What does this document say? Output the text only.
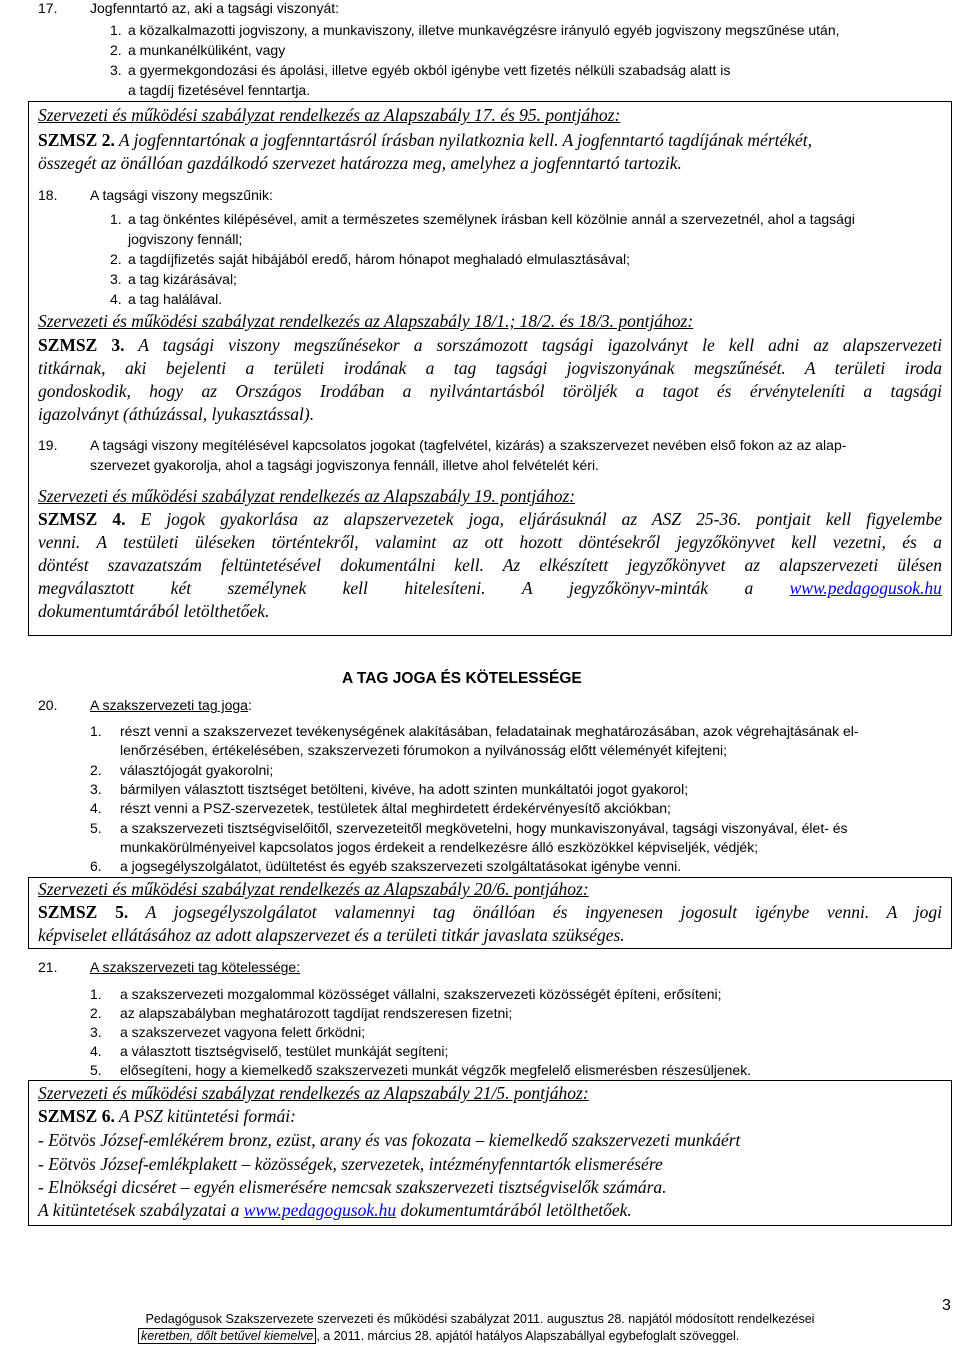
17. Jogfenntartó az, aki a tagsági viszonyát:
1. a közalkalmazotti jogviszony, a munkaviszony, illetve munkavégzésre irányuló egyéb jogviszony megszűnése után,
2. a munkanélküliként, vagy
3. a gyermekgondozási és ápolási, illetve egyéb okból igénybe vett fizetés nélküli szabadság alatt is
a tagdíj fizetésével fenntartja.
Szervezeti és működési szabályzat rendelkezés az Alapszabály 17. és 95. pontjához:
SZMSZ 2. A jogfenntartónak a jogfenntartásról írásban nyilatkoznia kell. A jogfenntartó tagdíjának mértékét,
összegét az önállóan gazdálkodó szervezet határozza meg, amelyhez a jogfenntartó tartozik.
18. A tagsági viszony megszűnik:
1. a tag önkéntes kilépésével, amit a természetes személynek írásban kell közölnie annál a szervezetnél, ahol a tagsági
jogviszony fennáll;
2. a tagdíjfizetés saját hibájából eredő, három hónapot meghaladó elmulasztásával;
3. a tag kizárásával;
4. a tag halálával.
Szervezeti és működési szabályzat rendelkezés az Alapszabály 18/1.; 18/2. és 18/3. pontjához:
SZMSZ 3. A tagsági viszony megszűnésekor a sorszámozott tagsági igazolványt le kell adni az alapszervezeti
titkárnak, aki bejelenti a területi irodának a tag tagsági jogviszonyának megszűnését. A területi iroda
gondoskodik, hogy az Országos Irodában a nyilvántartásból töröljék a tagot és érvényteleníti a tagsági
igazolványt (áthúzással, lyukasztással).
19. A tagsági viszony megítélésével kapcsolatos jogokat (tagfelvétel, kizárás) a szakszervezet nevében első fokon az az alap-
szervezet gyakorolja, ahol a tagsági jogviszonya fennáll, illetve ahol felvételét kéri.
Szervezeti és működési szabályzat rendelkezés az Alapszabály 19. pontjához:
SZMSZ 4. E jogok gyakorlása az alapszervezetek joga, eljárásuknál az ASZ 25-36. pontjait kell figyelembe
venni. A testületi üléseken történtekről, valamint az ott hozott döntésekről jegyzőkönyvet kell vezetni, és a
döntést szavazatszám feltüntetésével dokumentálni kell. Az elkészített jegyzőkönyvet az alapszervezeti ülésen
megválasztott két személynek kell hitelesíteni. A jegyzőkönyv-minták a www.pedagogusok.hu
dokumentumtárából letölthetőek.
A TAG JOGA ÉS KÖTELESSÉGE
20. A szakszervezeti tag joga:
1. részt venni a szakszervezet tevékenységének alakításában, feladatainak meghatározásában, azok végrehajtásának el-
lenőrzésében, értékelésében, szakszervezeti fórumokon a nyilvánosság előtt véleményét kifejteni;
2. választójogát gyakorolni;
3. bármilyen választott tisztséget betölteni, kivéve, ha adott szinten munkáltatói jogot gyakorol;
4. részt venni a PSZ-szervezetek, testületek által meghirdetett érdekérvényesítő akciókban;
5. a szakszervezeti tisztségviselőitől, szervezeteitől megkövetelni, hogy munkaviszonyával, tagsági viszonyával, élet- és
munkakörülményeivel kapcsolatos jogos érdekeit a rendelkezésre álló eszközökkel képviseljék, védjék;
6. a jogsegélyszolgálatot, üdültetést és egyéb szakszervezeti szolgáltatásokat igénybe venni.
Szervezeti és működési szabályzat rendelkezés az Alapszabály 20/6. pontjához:
SZMSZ 5. A jogsegélyszolgálatot valamennyi tag önállóan és ingyenesen jogosult igénybe venni. A jogi
képviselet ellátásához az adott alapszervezet és a területi titkár javaslata szükséges.
21. A szakszervezeti tag kötelessége:
1. a szakszervezeti mozgalommal közösséget vállalni, szakszervezeti közösségét építeni, erősíteni;
2. az alapszabályban meghatározott tagdíjat rendszeresen fizetni;
3. a szakszervezet vagyona felett őrködni;
4. a választott tisztségviselő, testület munkáját segíteni;
5. elősegíteni, hogy a kiemelkedő szakszervezeti munkát végzők megfelelő elismerésben részesüljenek.
Szervezeti és működési szabályzat rendelkezés az Alapszabály 21/5. pontjához:
SZMSZ 6. A PSZ kitüntetési formái:
- Eötvös József-emlékérem bronz, ezüst, arany és vas fokozata – kiemelkedő szakszervezeti munkáért
- Eötvös József-emlékplakett – közösségek, szervezetek, intézményfenntartók elismerésére
- Elnökségi dicséret – egyén elismerésére nemcsak szakszervezeti tisztségviselők számára.
A kitüntetések szabályzatai a www.pedagogusok.hu dokumentumtárából letölthetőek.
Pedagógusok Szakszervezete szervezeti és működési szabályzat 2011. augusztus 28. napjától módosított rendelkezései
keretben, dőlt betűvel kiemelve , a 2011. március 28. apjától hatályos Alapszabállyal egybefoglalt szöveggel.
3
